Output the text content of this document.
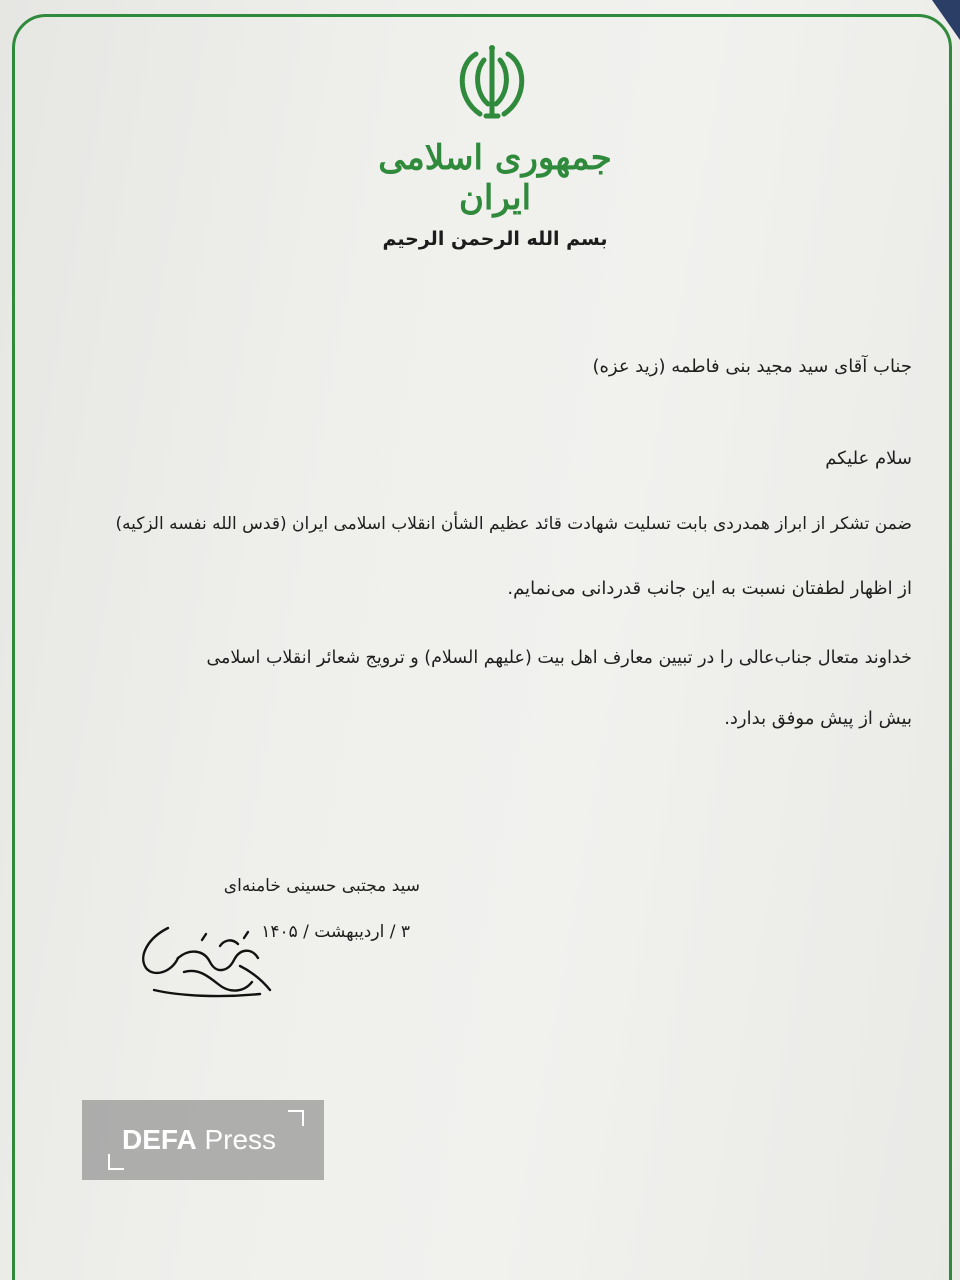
جمهوری اسلامی ایران
بسم الله الرحمن الرحیم
جناب آقای سید مجید بنی فاطمه (زید عزه)
سلام علیکم
ضمن تشکر از ابراز همدردی بابت تسلیت شهادت قائد عظیم الشأن انقلاب اسلامی ایران (قدس الله نفسه الزکیه)
از اظهار لطفتان نسبت به این جانب قدردانی می‌نمایم.
خداوند متعال جناب‌عالی را در تبیین معارف اهل بیت (علیهم السلام) و ترویج شعائر انقلاب اسلامی
بیش از پیش موفق بدارد.
سید مجتبی حسینی خامنه‌ای
۳ / اردیبهشت / ۱۴۰۵
DEFA Press
